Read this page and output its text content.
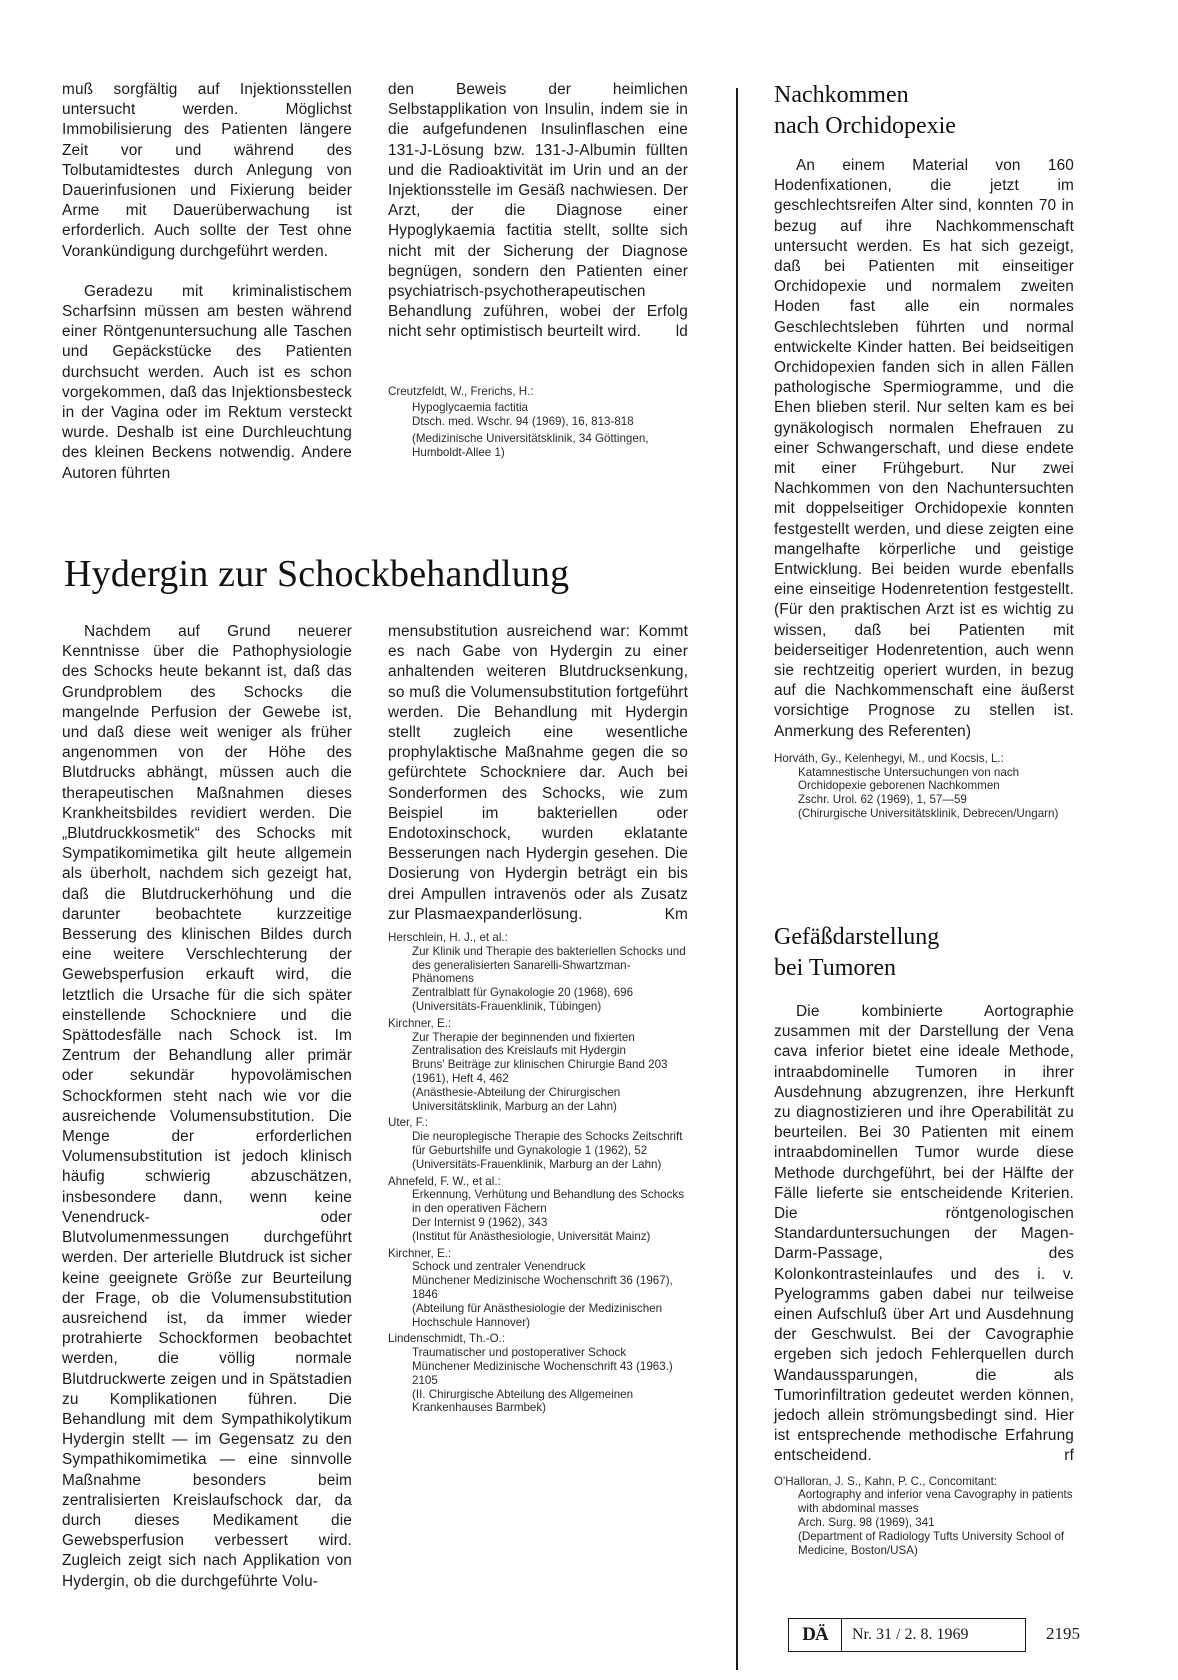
muß sorgfältig auf Injektionsstellen untersucht werden. Möglichst Immobilisierung des Patienten längere Zeit vor und während des Tolbutamidtestes durch Anlegung von Dauerinfusionen und Fixierung beider Arme mit Dauerüberwachung ist erforderlich. Auch sollte der Test ohne Vorankündigung durchgeführt werden.

Geradezu mit kriminalistischem Scharfsinn müssen am besten während einer Röntgenuntersuchung alle Taschen und Gepäckstücke des Patienten durchsucht werden. Auch ist es schon vorgekommen, daß das Injektionsbesteck in der Vagina oder im Rektum versteckt wurde. Deshalb ist eine Durchleuchtung des kleinen Beckens notwendig. Andere Autoren führten

den Beweis der heimlichen Selbstapplikation von Insulin, indem sie in die aufgefundenen Insulinflaschen eine 131-J-Lösung bzw. 131-J-Albumin füllten und die Radioaktivität im Urin und an der Injektionsstelle im Gesäß nachwiesen. Der Arzt, der die Diagnose einer Hypoglykaemia factitia stellt, sollte sich nicht mit der Sicherung der Diagnose begnügen, sondern den Patienten einer psychiatrisch-psychotherapeutischen Behandlung zuführen, wobei der Erfolg nicht sehr optimistisch beurteilt wird. ld

Creutzfeldt, W., Frerichs, H.:
Hypoglycaemia factitia
Dtsch. med. Wschr. 94 (1969), 16, 813-818
(Medizinische Universitätsklinik, 34 Göttingen, Humboldt-Allee 1)
Hydergin zur Schockbehandlung

Nachdem auf Grund neuerer Kenntnisse über die Pathophysiologie des Schocks heute bekannt ist, daß das Grundproblem des Schocks die mangelnde Perfusion der Gewebe ist, und daß diese weit weniger als früher angenommen von der Höhe des Blutdrucks abhängt, müssen auch die therapeutischen Maßnahmen dieses Krankheitsbildes revidiert werden. Die „Blutdruckkosmetik“ des Schocks mit Sympatikomimetika gilt heute allgemein als überholt, nachdem sich gezeigt hat, daß die Blutdruckerhöhung und die darunter beobachtete kurzzeitige Besserung des klinischen Bildes durch eine weitere Verschlechterung der Gewebsperfusion erkauft wird, die letztlich die Ursache für die sich später einstellende Schockniere und die Spättodesfälle nach Schock ist. Im Zentrum der Behandlung aller primär oder sekundär hypovolämischen Schockformen steht nach wie vor die ausreichende Volumensubstitution. Die Menge der erforderlichen Volumensubstitution ist jedoch klinisch häufig schwierig abzuschätzen, insbesondere dann, wenn keine Venendruck- oder Blutvolumenmessungen durchgeführt werden. Der arterielle Blutdruck ist sicher keine geeignete Größe zur Beurteilung der Frage, ob die Volumensubstitution ausreichend ist, da immer wieder protrahierte Schockformen beobachtet werden, die völlig normale Blutdruckwerte zeigen und in Spätstadien zu Komplikationen führen. Die Behandlung mit dem Sympathikolytikum Hydergin stellt — im Gegensatz zu den Sympathikomimetika — eine sinnvolle Maßnahme besonders beim zentralisierten Kreislaufschock dar, da durch dieses Medikament die Gewebsperfusion verbessert wird. Zugleich zeigt sich nach Applikation von Hydergin, ob die durchgeführte Volu-

mensubstitution ausreichend war: Kommt es nach Gabe von Hydergin zu einer anhaltenden weiteren Blutdrucksenkung, so muß die Volumensubstitution fortgeführt werden. Die Behandlung mit Hydergin stellt zugleich eine wesentliche prophylaktische Maßnahme gegen die so gefürchtete Schockniere dar. Auch bei Sonderformen des Schocks, wie zum Beispiel im bakteriellen oder Endotoxinschock, wurden eklatante Besserungen nach Hydergin gesehen. Die Dosierung von Hydergin beträgt ein bis drei Ampullen intravenös oder als Zusatz zur Plasmaexpanderlösung.	Km

Herschlein, H. J., et al.:
Zur Klinik und Therapie des bakteriellen Schocks und des generalisierten Sanarelli-Shwartzman-Phänomens
Zentralblatt für Gynakologie 20 (1968), 696
(Universitäts-Frauenklinik, Tübingen)
Kirchner, E.:
Zur Therapie der beginnenden und fixierten Zentralisation des Kreislaufs mit Hydergin
Bruns' Beiträge zur klinischen Chirurgie Band 203 (1961), Heft 4, 462
(Anästhesie-Abteilung der Chirurgischen Universitätsklinik, Marburg an der Lahn)
Uter, F.:
Die neuroplegische Therapie des Schocks Zeitschrift für Geburtshilfe und Gynakologie 1 (1962), 52
(Universitäts-Frauenklinik, Marburg an der Lahn)
Ahnefeld, F. W., et al.:
Erkennung, Verhütung und Behandlung des Schocks in den operativen Fächern
Der Internist 9 (1962), 343
(Institut für Anästhesiologie, Universität Mainz)
Kirchner, E.:
Schock und zentraler Venendruck
Münchener Medizinische Wochenschrift 36 (1967), 1846
(Abteilung für Anästhesiologie der Medizinischen Hochschule Hannover)
Lindenschmidt, Th.-O.:
Traumatischer und postoperativer Schock
Münchener Medizinische Wochenschrift 43 (1963.) 2105
(II. Chirurgische Abteilung des Allgemeinen Krankenhauses Barmbek)
Nachkommen
nach Orchidopexie

An einem Material von 160 Hodenfixationen, die jetzt im geschlechtsreifen Alter sind, konnten 70 in bezug auf ihre Nachkommenschaft untersucht werden. Es hat sich gezeigt, daß bei Patienten mit einseitiger Orchidopexie und normalem zweiten Hoden fast alle ein normales Geschlechtsleben führten und normal entwickelte Kinder hatten. Bei beidseitigen Orchidopexien fanden sich in allen Fällen pathologische Spermiogramme, und die Ehen blieben steril. Nur selten kam es bei gynäkologisch normalen Ehefrauen zu einer Schwangerschaft, und diese endete mit einer Frühgeburt. Nur zwei Nachkommen von den Nachuntersuchten mit doppelseitiger Orchidopexie konnten festgestellt werden, und diese zeigten eine mangelhafte körperliche und geistige Entwicklung. Bei beiden wurde ebenfalls eine einseitige Hodenretention festgestellt. (Für den praktischen Arzt ist es wichtig zu wissen, daß bei Patienten mit beiderseitiger Hodenretention, auch wenn sie rechtzeitig operiert wurden, in bezug auf die Nachkommenschaft eine äußerst vorsichtige Prognose zu stellen ist. Anmerkung des Referenten)

Horváth, Gy., Kelenhegyi, M., und Kocsis, L.:
Katamnestische Untersuchungen von nach Orchidopexie geborenen Nachkommen
Zschr. Urol. 62 (1969), 1, 57—59
(Chirurgische Universitätsklinik, Debrecen/Ungarn)
Gefäßdarstellung
bei Tumoren

Die kombinierte Aortographie zusammen mit der Darstellung der Vena cava inferior bietet eine ideale Methode, intraabdominelle Tumoren in ihrer Ausdehnung abzugrenzen, ihre Herkunft zu diagnostizieren und ihre Operabilität zu beurteilen. Bei 30 Patienten mit einem intraabdominellen Tumor wurde diese Methode durchgeführt, bei der Hälfte der Fälle lieferte sie entscheidende Kriterien. Die röntgenologischen Standarduntersuchungen der Magen-Darm-Passage, des Kolonkontrasteinlaufes und des i. v. Pyelogramms gaben dabei nur teilweise einen Aufschluß über Art und Ausdehnung der Geschwulst. Bei der Cavographie ergeben sich jedoch Fehlerquellen durch Wandaussparungen, die als Tumorinfiltration gedeutet werden können, jedoch allein strömungsbedingt sind. Hier ist entsprechende methodische Erfahrung entscheidend.	rf

O'Halloran, J. S., Kahn, P. C., Concomitant:
Aortography and inferior vena Cavography in patients with abdominal masses
Arch. Surg. 98 (1969), 341
(Department of Radiology Tufts University School of Medicine, Boston/USA)
DÄ	Nr. 31 / 2. 8. 1969	2195
